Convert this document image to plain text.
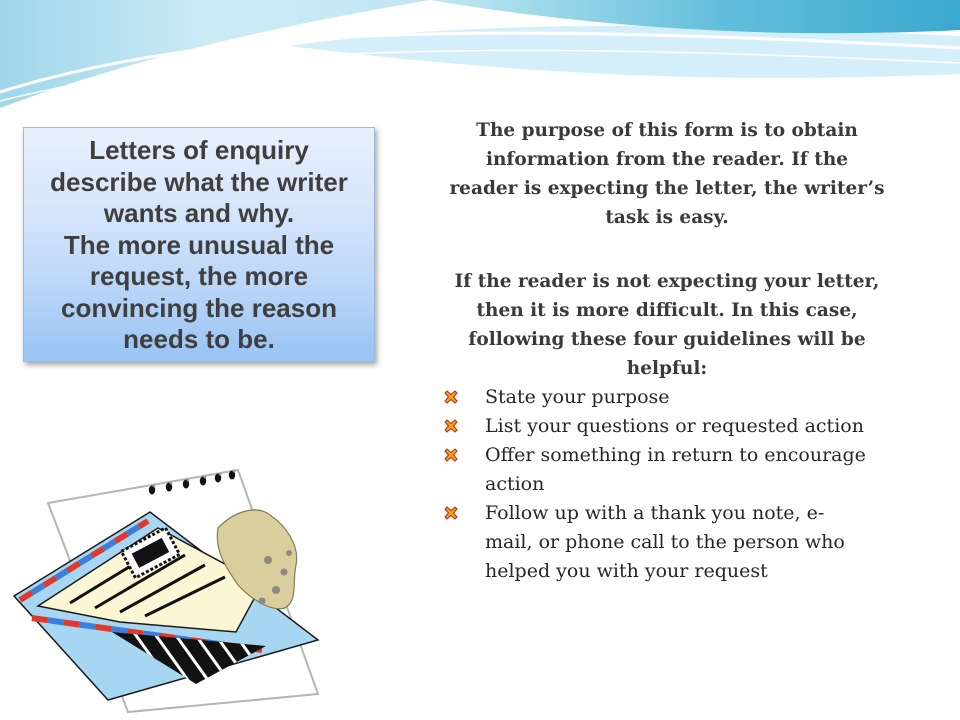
Letters of enquiry
describe what the writer
wants and why.
The more unusual the
request, the more
convincing the reason
needs to be.
The purpose of this form is to obtain
information from the reader. If the
reader is expecting the letter, the writer’s
task is easy.
If the reader is not expecting your letter,
then it is more difficult. In this case,
following these four guidelines will be
helpful:
State your purpose
List your questions or requested action
Offer something in return to encourage
action
Follow up with a thank you note, e-
mail, or phone call to the person who
helped you with your request
